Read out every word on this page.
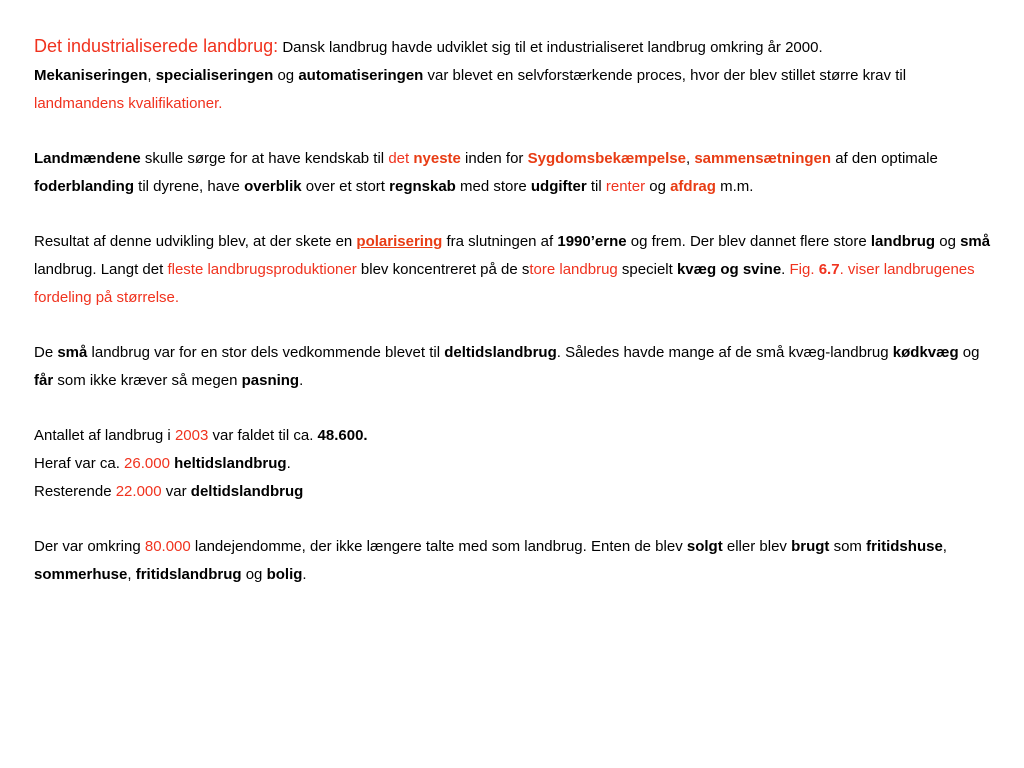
Det industrialiserede landbrug: Dansk landbrug havde udviklet sig til et industrialiseret landbrug omkring år 2000.
Mekaniseringen, specialiseringen og automatiseringen var blevet en selvforstærkende proces, hvor der blev stillet større krav til landmandens kvalifikationer.

Landmændene skulle sørge for at have kendskab til det nyeste inden for Sygdomsbekæmpelse, sammensætningen af den optimale foderblanding til dyrene, have overblik over et stort regnskab med store udgifter til renter og afdrag m.m.

Resultat af denne udvikling blev, at der skete en polarisering fra slutningen af 1990’erne og frem. Der blev dannet flere store landbrug og små landbrug. Langt det fleste landbrugsproduktioner blev koncentreret på de store landbrug specielt kvæg og svine. Fig. 6.7. viser landbrugenes fordeling på størrelse.

De små landbrug var for en stor dels vedkommende blevet til deltidslandbrug. Således havde mange af de små kvæg-landbrug kødkvæg og får som ikke kræver så megen pasning.

Antallet af landbrug i 2003 var faldet til ca. 48.600.
Heraf var ca. 26.000 heltidslandbrug.
Resterende 22.000 var deltidslandbrug

Der var omkring 80.000 landejendomme, der ikke længere talte med som landbrug. Enten de blev solgt eller blev brugt som fritidshuse, sommerhuse, fritidslandbrug og bolig.
